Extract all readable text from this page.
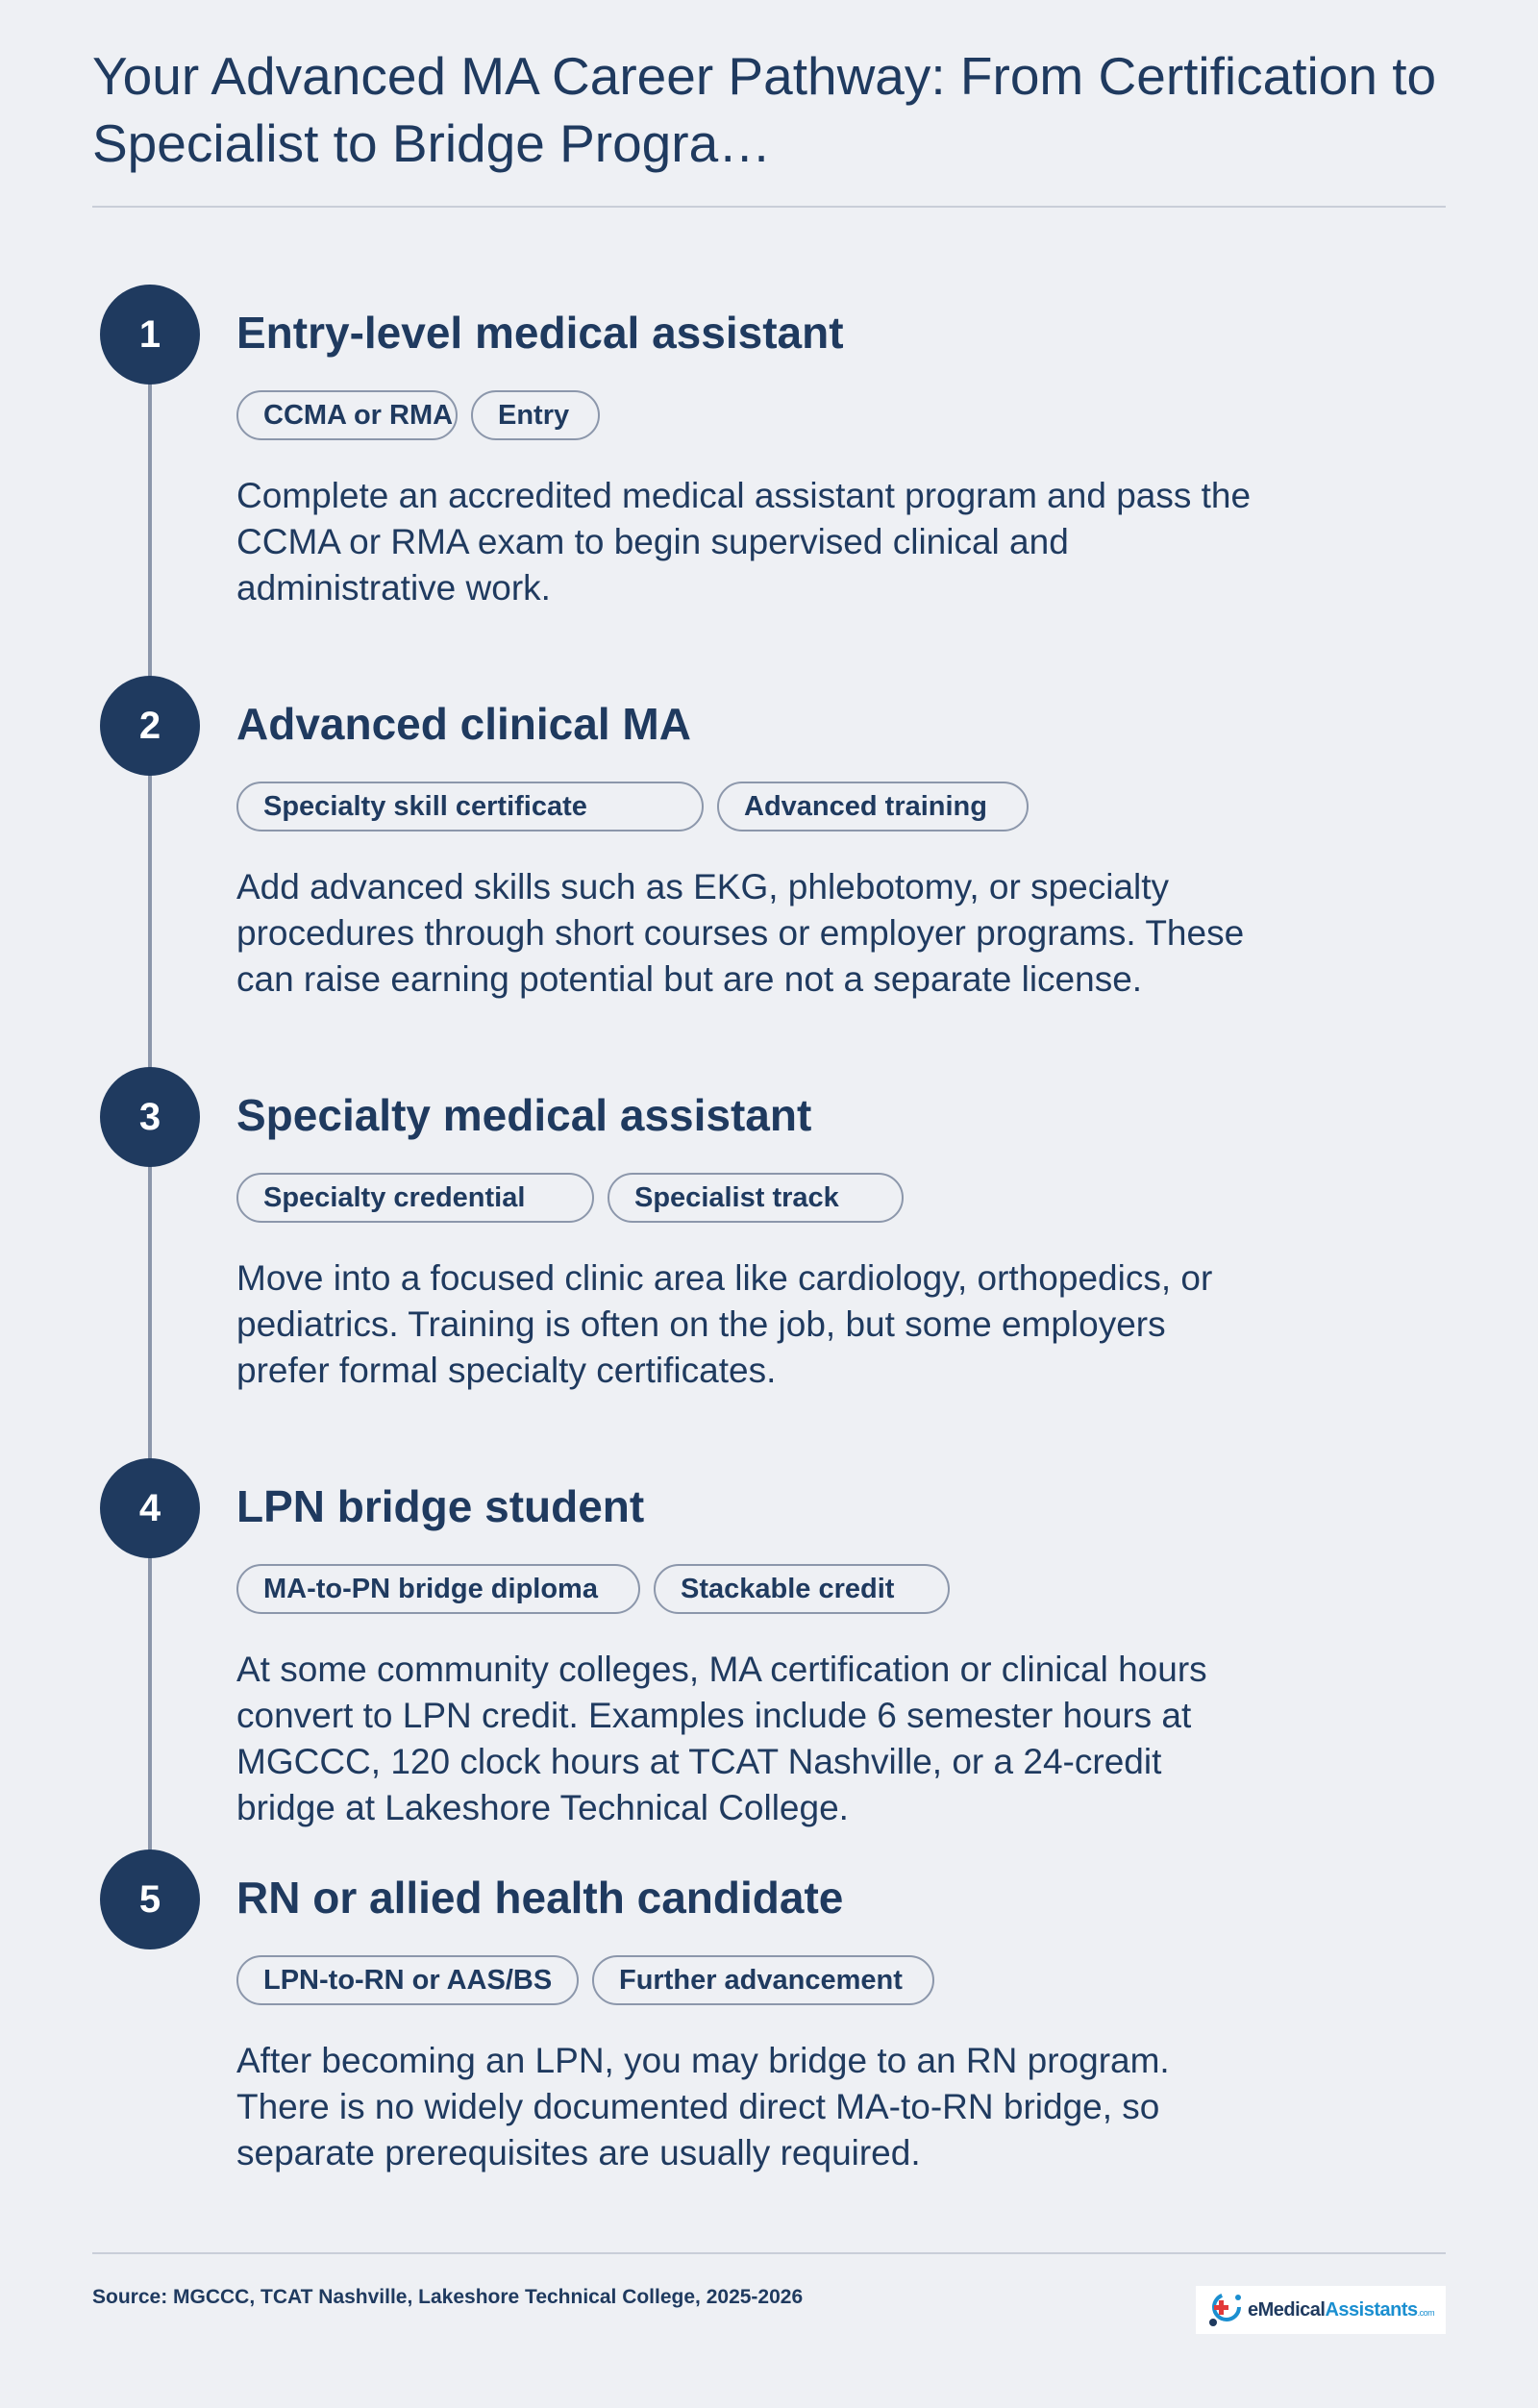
Your Advanced MA Career Pathway: From Certification to Specialist to Bridge Progra…
1	Entry-level medical assistant
CCMA or RMA	Entry

Complete an accredited medical assistant program and pass the CCMA or RMA exam to begin supervised clinical and administrative work.

2	Advanced clinical MA
Specialty skill certificate	Advanced training

Add advanced skills such as EKG, phlebotomy, or specialty procedures through short courses or employer programs. These can raise earning potential but are not a separate license.

3	Specialty medical assistant
Specialty credential	Specialist track

Move into a focused clinic area like cardiology, orthopedics, or pediatrics. Training is often on the job, but some employers prefer formal specialty certificates.

4	LPN bridge student
MA-to-PN bridge diploma	Stackable credit

At some community colleges, MA certification or clinical hours convert to LPN credit. Examples include 6 semester hours at MGCCC, 120 clock hours at TCAT Nashville, or a 24-credit bridge at Lakeshore Technical College.

5	RN or allied health candidate
LPN-to-RN or AAS/BS	Further advancement

After becoming an LPN, you may bridge to an RN program. There is no widely documented direct MA-to-RN bridge, so separate prerequisites are usually required.

Source: MGCCC, TCAT Nashville, Lakeshore Technical College, 2025-2026
eMedicalAssistants.com
